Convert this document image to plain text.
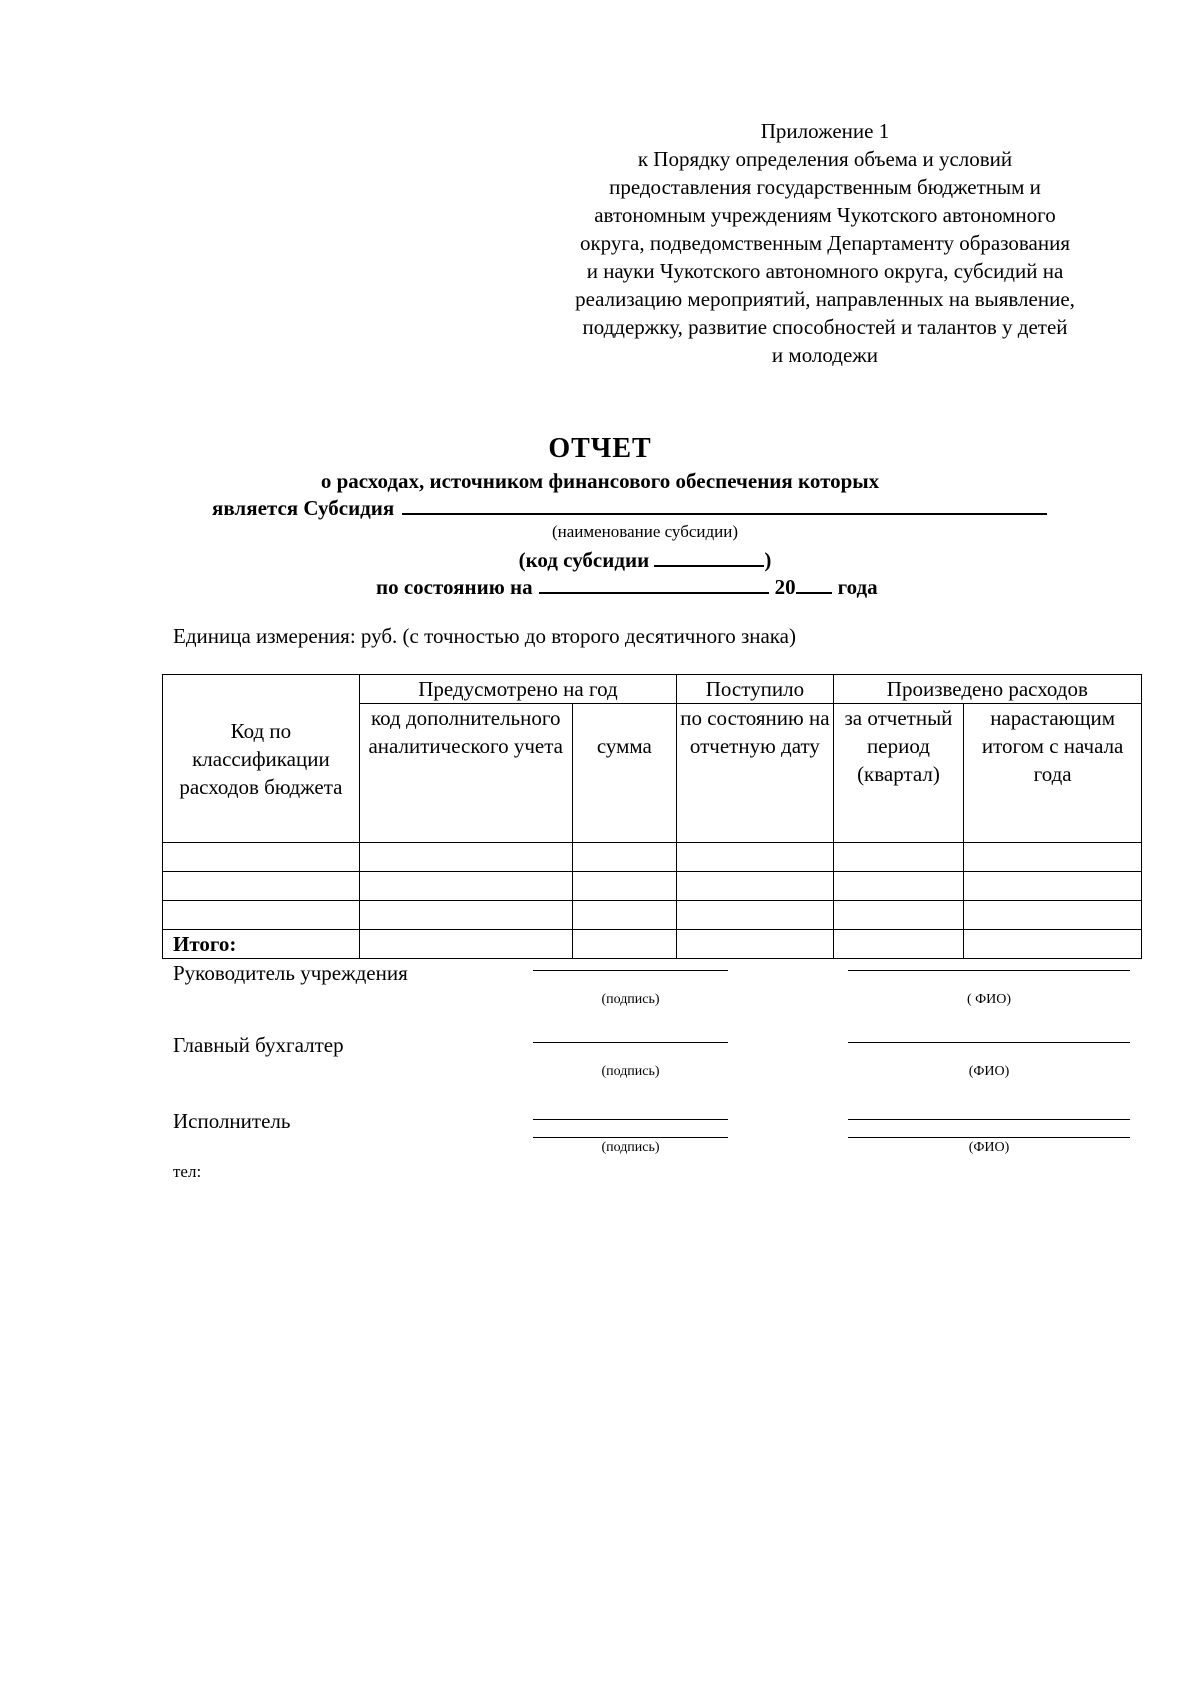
Приложение 1
к Порядку определения объема и условий
предоставления государственным бюджетным и
автономным учреждениям Чукотского автономного
округа, подведомственным Департаменту образования
и науки Чукотского автономного округа, субсидий на
реализацию мероприятий, направленных на выявление,
поддержку, развитие способностей и талантов у детей
и молодежи
ОТЧЕТ
о расходах, источником финансового обеспечения которых
является Субсидия
(наименование субсидии)
(код субсидии	)
по состоянию на	20 года
Единица измерения: руб. (с точностью до второго десятичного знака)
Код по классификации расходов бюджета	Предусмотрено на год		Поступило	Произведено расходов	
	код дополнительного аналитического учета	сумма	по состоянию на отчетную дату	за отчетный период (квартал)	нарастающим итогом с начала года

Итого:					
Руководитель учреждения
(подпись)	( ФИО)
Главный бухгалтер
(подпись)	(ФИО)
Исполнитель
(подпись)	(ФИО)
тел:
